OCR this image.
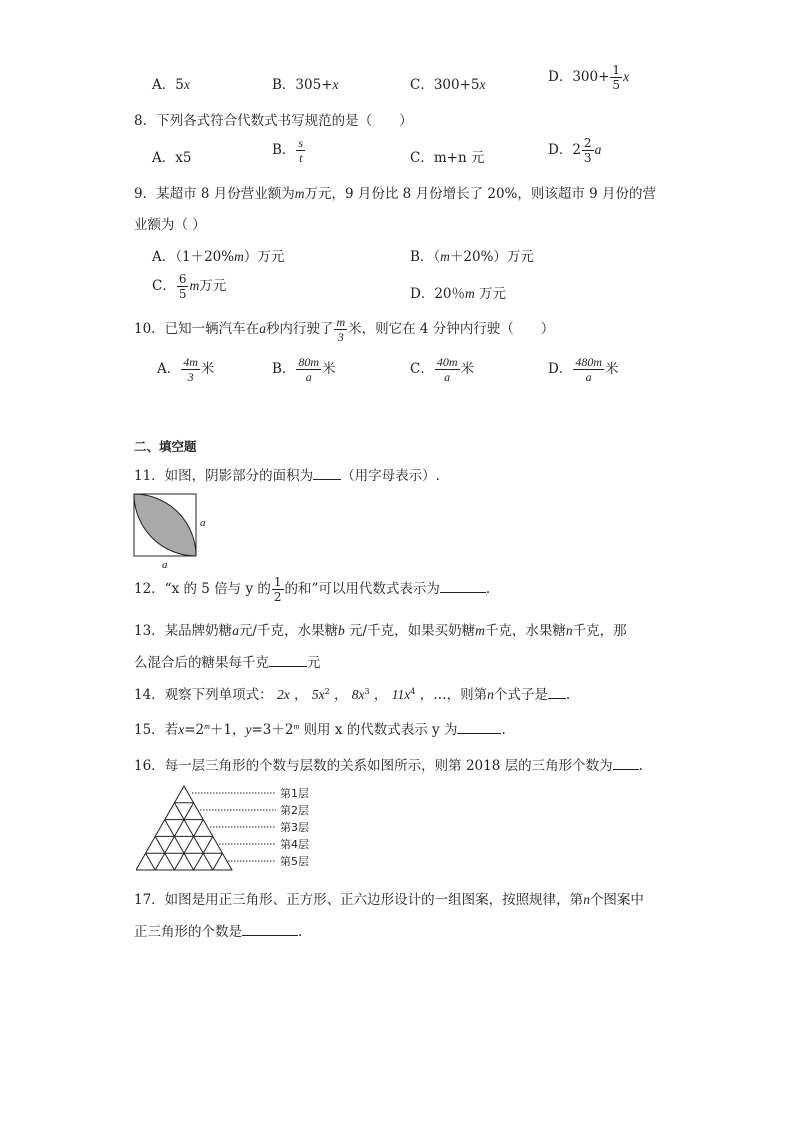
A．5x	B．305+x	C．300+5x	D．$300+ \frac{1}{5}$ x
8．下列各式符合代数式书写规范的是（　　）
A．x5	B． $\frac{s}{t}$	C．m+n 元	D．$2 \frac{2}{3}$ a
9．某超市 8 月份营业额为m万元，9 月份比 8 月份增长了 20%，则该超市 9 月份的营
业额为（ ）
A．（1＋20%m）万元	B．（m＋20%）万元
C． $\frac{6}{5}$ m万元	D．20％m 万元
10．已知一辆汽车在a秒内行驶了 $\frac{m}{3}$ 米，则它在 4 分钟内行驶（　　）
A． $\frac{4m}{3}$ 米	B． $\frac{80m}{a}$ 米	C． $\frac{40m}{a}$ 米	D． $\frac{480m}{a}$ 米
二、填空题
11．如图，阴影部分的面积为 （用字母表示）.
a
a
12．“x 的 5 倍与 y 的 $\frac{1}{2}$ 的和”可以用代数式表示为	.
13．某品牌奶糖a元/千克，水果糖b 元/千克，如果买奶糖m千克，水果糖n千克，那
么混合后的糖果每千克	元
14．观察下列单项式： 2x ， $5x^2$ ， $8x^3$ ， $11x^4$ ，…，则第n个式子是 .
15．若$x=2^m+1$，$y=3+2^m$ 则用 x 的代数式表示 y 为	.
16．每一层三角形的个数与层数的关系如图所示，则第 2018 层的三角形个数为 .
第1层
第2层
第3层
第4层
第5层
17．如图是用正三角形、正方形、正六边形设计的一组图案，按照规律，第n个图案中
正三角形的个数是	.
